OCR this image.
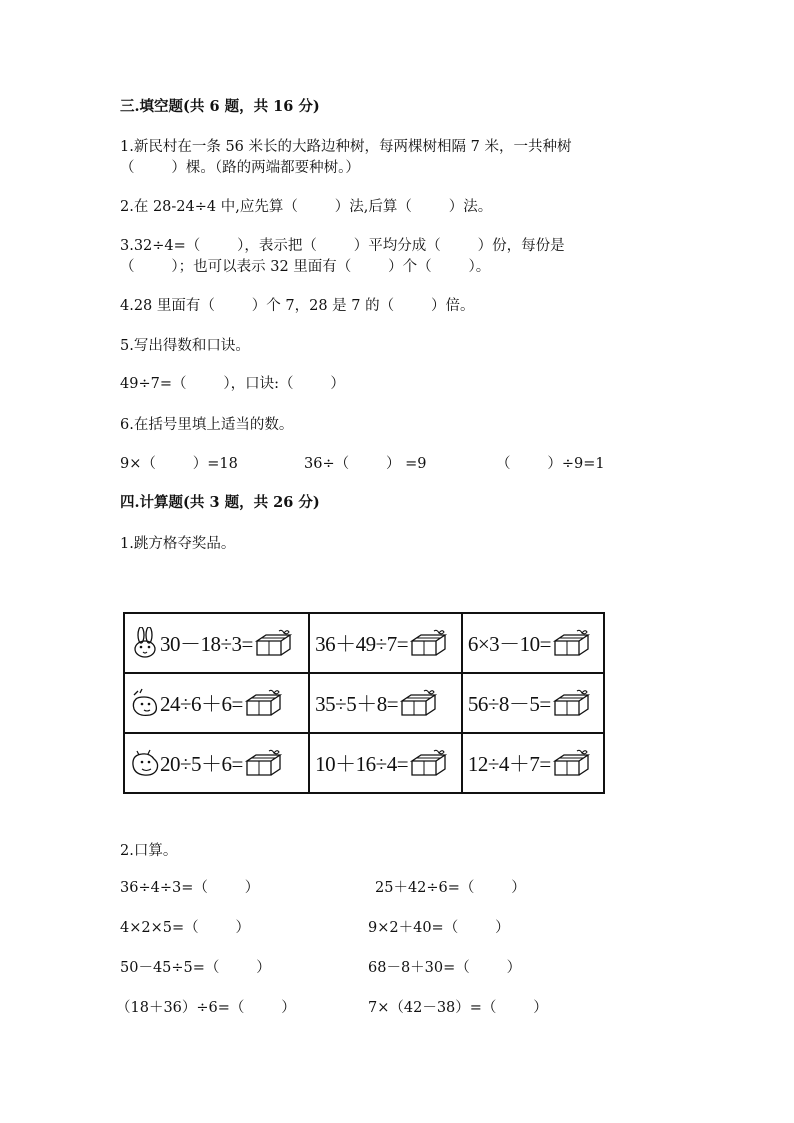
三.填空题(共 6 题，共 16 分)
1.新民村在一条 56 米长的大路边种树，每两棵树相隔 7 米，一共种树
（        ）棵。（路的两端都要种树。）
2.在 28-24÷4 中,应先算（        ）法,后算（        ）法。
3.32÷4=（        ），表示把（        ）平均分成（        ）份，每份是
（        ）；也可以表示 32 里面有（        ）个（        ）。
4.28 里面有（        ）个 7，28 是 7 的（        ）倍。
5.写出得数和口诀。
49÷7=（        ），口诀:（        ）
6.在括号里填上适当的数。
9×（        ）=18	36÷（        ） =9	（        ）÷9=1
四.计算题(共 3 题，共 26 分)
1.跳方格夺奖品。
30－18÷3=	36＋49÷7=	6×3－10=

24÷6＋6=	35÷5＋8=	56÷8－5=

20÷5＋6=	10＋16÷4=	12÷4＋7=
2.口算。
36÷4÷3=（        ）	25＋42÷6=（        ）
4×2×5=（        ）	9×2＋40=（        ）
50－45÷5=（        ）	68－8＋30=（        ）
（18＋36）÷6=（        ）	7×（42－38）=（        ）
